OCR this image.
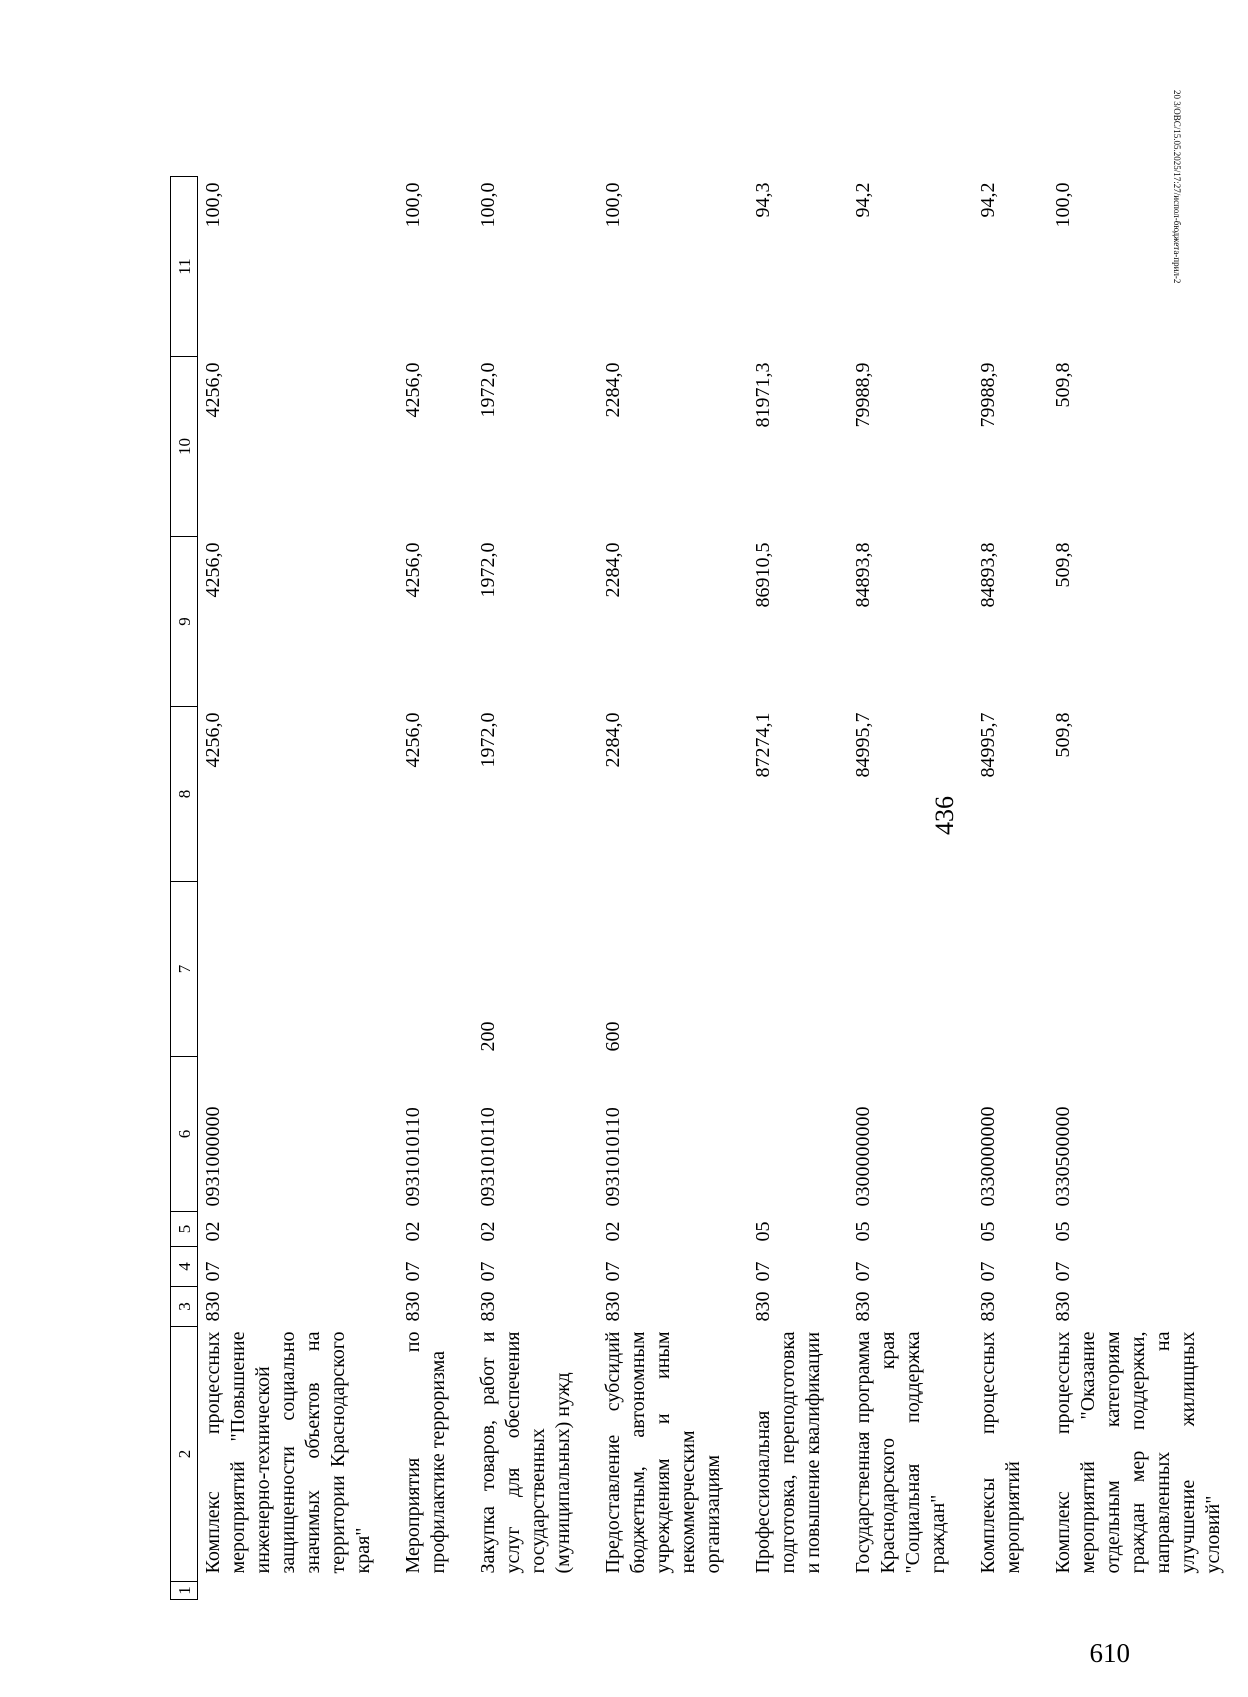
436
1	2	3	4	5	6	7	8	9	10	11
	Комплекс процессных мероприятий "Повышение инженерно-технической защищенности социально значимых объектов на территории Краснодарского края"	830	07	02	0931000000		4256,0	4256,0	4256,0	100,0
	Мероприятия по профилактике терроризма	830	07	02	0931010110		4256,0	4256,0	4256,0	100,0
	Закупка товаров, работ и услуг для обеспечения государственных (муниципальных) нужд	830	07	02	0931010110	200	1972,0	1972,0	1972,0	100,0
	Предоставление субсидий бюджетным, автономным учреждениям и иным некоммерческим организациям	830	07	02	0931010110	600	2284,0	2284,0	2284,0	100,0
	Профессиональная подготовка, переподготовка и повышение квалификации	830	07	05			87274,1	86910,5	81971,3	94,3
	Государственная программа Краснодарского края "Социальная поддержка граждан"	830	07	05	0300000000		84995,7	84893,8	79988,9	94,2
	Комплексы процессных мероприятий	830	07	05	0330000000		84995,7	84893,8	79988,9	94,2
	Комплекс процессных мероприятий "Оказание отдельным категориям граждан мер поддержки, направленных на улучшение жилищных условий"	830	07	05	0330500000		509,8	509,8	509,8	100,0	20 3/OBC/15.05.2025/17:27/испол-бюджета-прил-2
610
